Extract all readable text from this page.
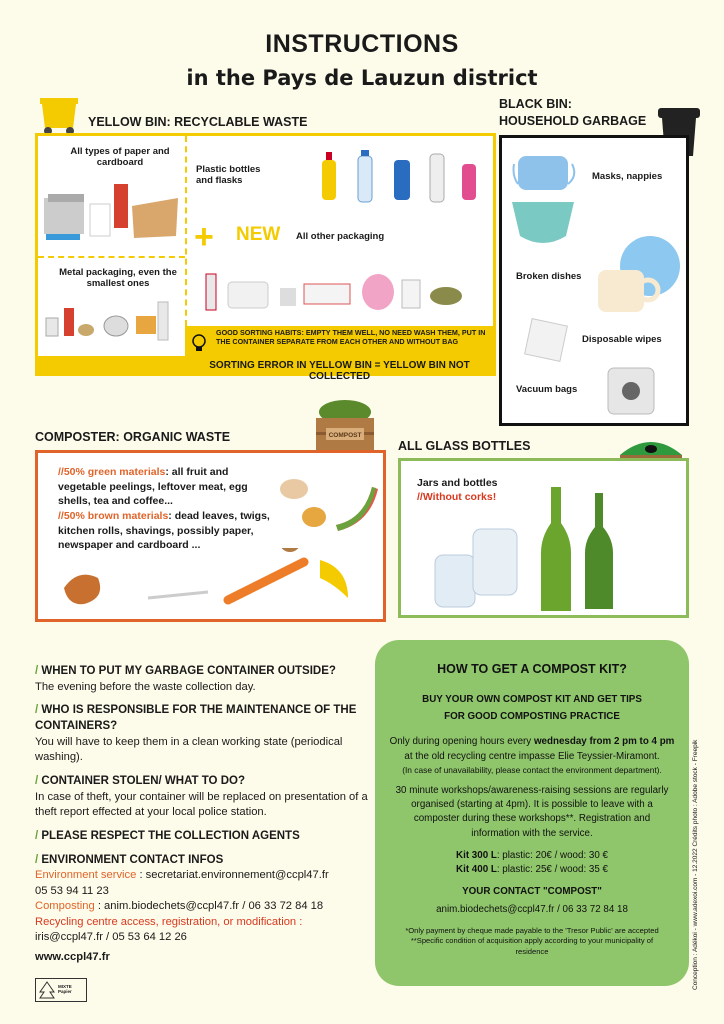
INSTRUCTIONS
in the Pays de Lauzun district
YELLOW BIN: RECYCLABLE WASTE
All types of paper and cardboard
Metal packaging, even the smallest ones
Plastic bottles and flasks
+ NEW All other packaging
GOOD SORTING HABITS: EMPTY THEM WELL, NO NEED WASH THEM, PUT IN THE CONTAINER SEPARATE FROM EACH OTHER AND WITHOUT BAG
SORTING ERROR IN YELLOW BIN = YELLOW BIN NOT COLLECTED
BLACK BIN:
HOUSEHOLD GARBAGE
Masks, nappies
Broken dishes
Disposable wipes
Vacuum bags
COMPOSTER: ORGANIC WASTE	COMPOST
//50% green materials: all fruit and vegetable peelings, leftover meat, egg shells, tea and coffee...
//50% brown materials: dead leaves, twigs, kitchen rolls, shavings, possibly paper, newspaper and cardboard ...
ALL GLASS BOTTLES
Jars and bottles
//Without corks!
/ WHEN TO PUT MY GARBAGE CONTAINER OUTSIDE?
The evening before the waste collection day.
/ WHO IS RESPONSIBLE FOR THE MAINTENANCE OF THE CONTAINERS?
You will have to keep them in a clean working state (periodical washing).
/ CONTAINER STOLEN/ WHAT TO DO?
In case of theft, your container will be replaced on presentation of a theft report effected at your local police station.
/ PLEASE RESPECT THE COLLECTION AGENTS
/ ENVIRONMENT CONTACT INFOS
Environment service : secretariat.environnement@ccpl47.fr
05 53 94 11 23
Composting : anim.biodechets@ccpl47.fr / 06 33 72 84 18
Recycling centre access, registration, or modification :
iris@ccpl47.fr / 05 53 64 12 26
www.ccpl47.fr
HOW TO GET A COMPOST KIT?
BUY YOUR OWN COMPOST KIT AND GET TIPS FOR GOOD COMPOSTING PRACTICE
Only during opening hours every wednesday from 2 pm to 4 pm at the old recycling centre impasse Elie Teyssier-Miramont.
(In case of unavailability, please contact the environment department).
30 minute workshops/awareness-raising sessions are regularly organised (starting at 4pm). It is possible to leave with a composter during these workshops**. Registration and information with the service.
Kit 300 L: plastic: 20€ / wood: 30 €
Kit 400 L: plastic: 25€ / wood: 35 €
YOUR CONTACT "COMPOST"
anim.biodechets@ccpl47.fr / 06 33 72 84 18
*Only payment by cheque made payable to the 'Tresor Public' are accepted
**Specific condition of acquisition apply according to your municipality of residence	Conception : Adékoi - www.adexoi.com - 12.2022 Crédits photo : Adobe stock - Freepik
MIXTE Papier
